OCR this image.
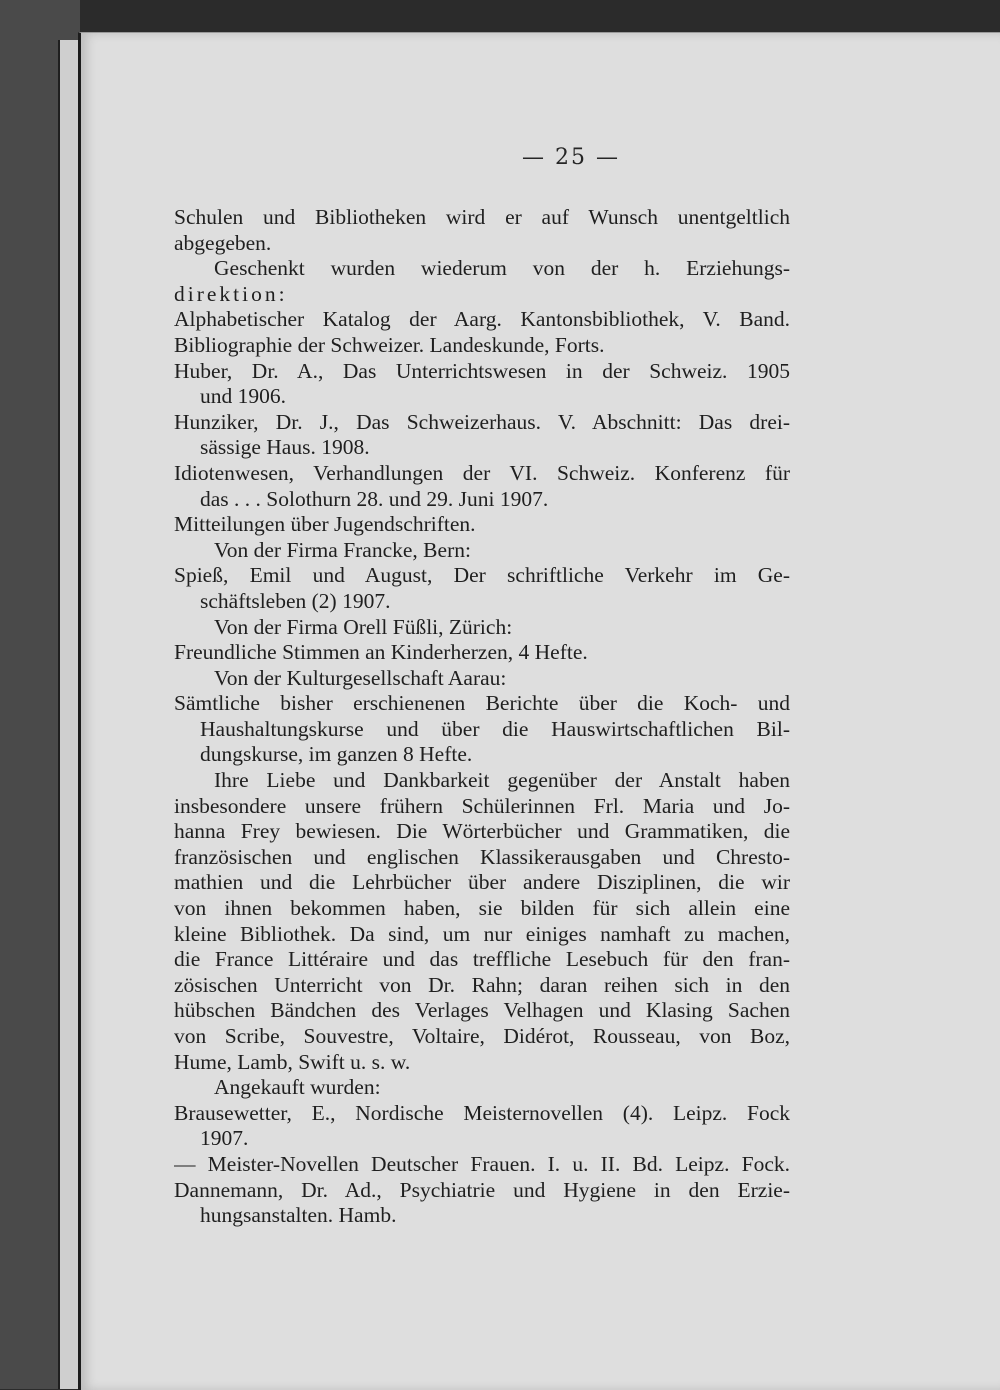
— 25 —
Schulen und Bibliotheken wird er auf Wunsch unentgeltlich
abgegeben.
Geschenkt wurden wiederum von der h. Erziehungs-
direktion:
Alphabetischer Katalog der Aarg. Kantonsbibliothek, V. Band.
Bibliographie der Schweizer. Landeskunde, Forts.
Huber, Dr. A., Das Unterrichtswesen in der Schweiz. 1905
und 1906.
Hunziker, Dr. J., Das Schweizerhaus. V. Abschnitt: Das drei-
sässige Haus. 1908.
Idiotenwesen, Verhandlungen der VI. Schweiz. Konferenz für
das . . . Solothurn 28. und 29. Juni 1907.
Mitteilungen über Jugendschriften.
Von der Firma Francke, Bern:
Spieß, Emil und August, Der schriftliche Verkehr im Ge-
schäftsleben (2) 1907.
Von der Firma Orell Füßli, Zürich:
Freundliche Stimmen an Kinderherzen, 4 Hefte.
Von der Kulturgesellschaft Aarau:
Sämtliche bisher erschienenen Berichte über die Koch- und
Haushaltungskurse und über die Hauswirtschaftlichen Bil-
dungskurse, im ganzen 8 Hefte.
Ihre Liebe und Dankbarkeit gegenüber der Anstalt haben
insbesondere unsere frühern Schülerinnen Frl. Maria und Jo-
hanna Frey bewiesen. Die Wörterbücher und Grammatiken, die
französischen und englischen Klassikerausgaben und Chresto-
mathien und die Lehrbücher über andere Disziplinen, die wir
von ihnen bekommen haben, sie bilden für sich allein eine
kleine Bibliothek. Da sind, um nur einiges namhaft zu machen,
die France Littéraire und das treffliche Lesebuch für den fran-
zösischen Unterricht von Dr. Rahn; daran reihen sich in den
hübschen Bändchen des Verlages Velhagen und Klasing Sachen
von Scribe, Souvestre, Voltaire, Didérot, Rousseau, von Boz,
Hume, Lamb, Swift u. s. w.
Angekauft wurden:
Brausewetter, E., Nordische Meisternovellen (4). Leipz. Fock
1907.
— Meister-Novellen Deutscher Frauen. I. u. II. Bd. Leipz. Fock.
Dannemann, Dr. Ad., Psychiatrie und Hygiene in den Erzie-
hungsanstalten. Hamb.
